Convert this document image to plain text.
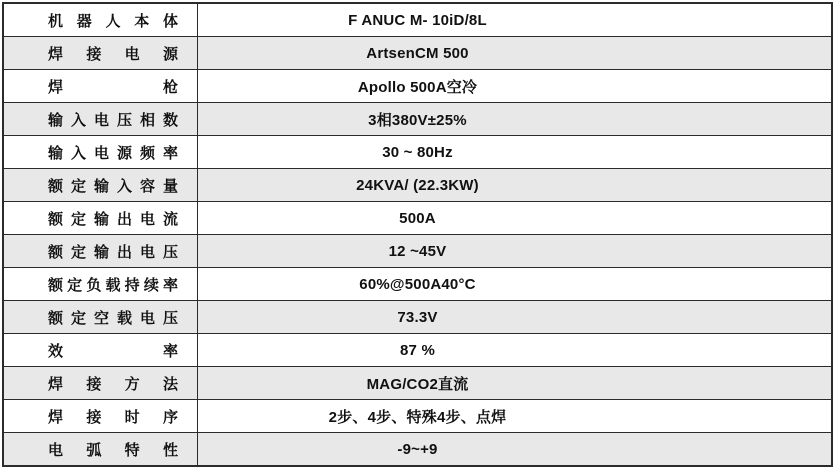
F ANUC M- 10iD/8L
机器人本体
ArtsenCM 500
焊接电源
Apollo 500A空冷
焊枪
3相380V±25%
输入电压相数
30 ~ 80Hz
输入电源频率
24KVA/ (22.3KW)
额定输入容量
500A
额定输出电流
12 ~45V
额定输出电压
60%@500A40°C
额定负载持续率
73.3V
额定空载电压
87 %
效率
MAG/CO2直流
焊接方法
2步、4步、特殊4步、点焊
焊接时序
-9~+9
电弧特性
